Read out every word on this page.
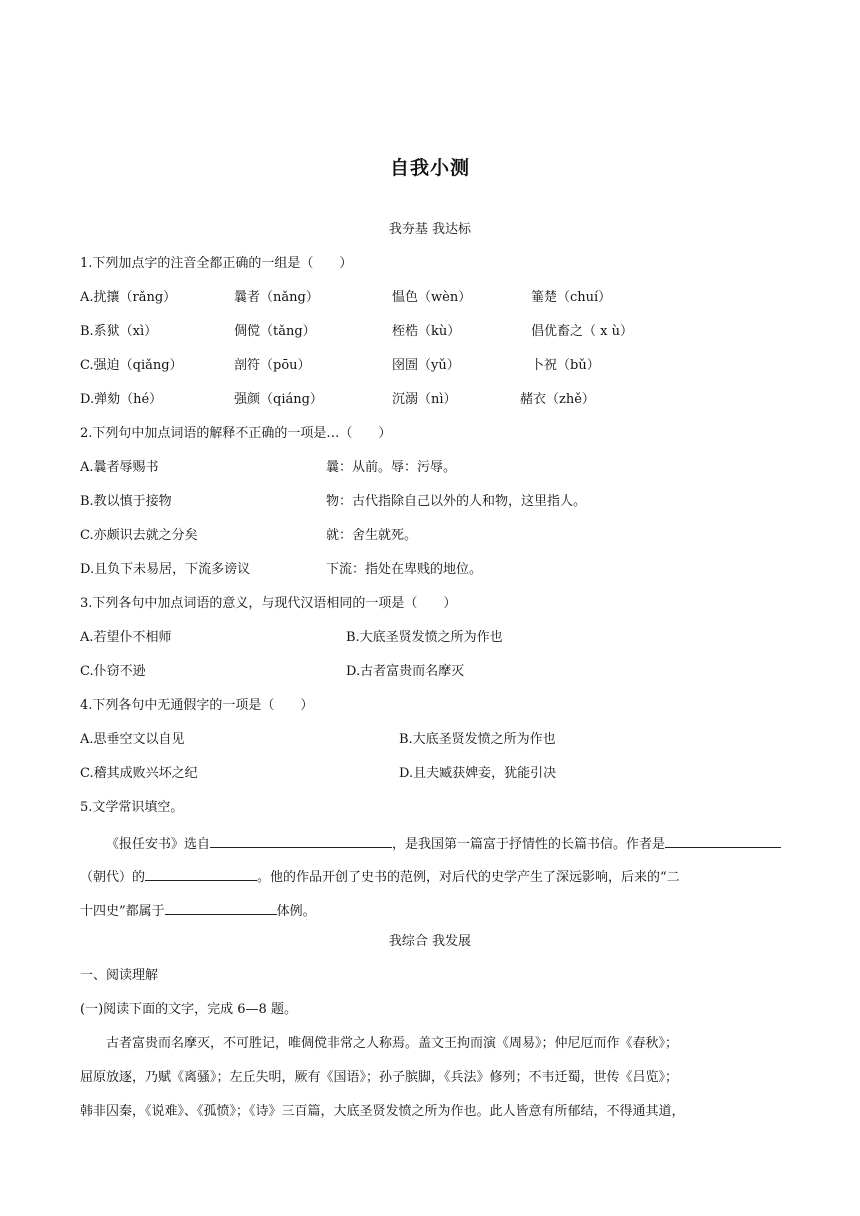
自我小测
我夯基 我达标
1.下列加点字的注音全都正确的一组是（　　）
A.扰攘（rǎng）	曩者（nǎng）	愠色（wèn）	箠楚（chuí）
B.系狱（xì）	倜傥（tǎng）	桎梏（kù）	倡优畜之（ x ù）
C.强迫（qiǎng）	剖符（pōu）	囹圄（yǔ）	卜祝（bǔ）
D.弹劾（hé）	强颜（qiáng）	沉溺（nì）	赭衣（zhě）
2.下列句中加点词语的解释不正确的一项是…（　　）
A.曩者辱赐书	曩：从前。辱：污辱。
B.教以慎于接物	物：古代指除自己以外的人和物，这里指人。
C.亦颇识去就之分矣	就：舍生就死。
D.且负下未易居，下流多谤议	下流：指处在卑贱的地位。
3.下列各句中加点词语的意义，与现代汉语相同的一项是（　　）
A.若望仆不相师	B.大底圣贤发愤之所为作也
C.仆窃不逊	D.古者富贵而名摩灭
4.下列各句中无通假字的一项是（　　）
A.思垂空文以自见	B.大底圣贤发愤之所为作也
C.稽其成败兴坏之纪	D.且夫臧获婢妾，犹能引决
5.文学常识填空。
《报任安书》选自	，是我国第一篇富于抒情性的长篇书信。作者是
（朝代）的	。他的作品开创了史书的范例，对后代的史学产生了深远影响，后来的“二
十四史”都属于	体例。
我综合 我发展
一、阅读理解
(一)阅读下面的文字，完成 6—8 题。
古者富贵而名摩灭，不可胜记，唯倜傥非常之人称焉。盖文王拘而演《周易》；仲尼厄而作《春秋》；
屈原放逐，乃赋《离骚》；左丘失明，厥有《国语》；孙子膑脚，《兵法》修列；不韦迁蜀，世传《吕览》；
韩非囚秦，《说难》、《孤愤》；《诗》三百篇，大底圣贤发愤之所为作也。此人皆意有所郁结，不得通其道，
